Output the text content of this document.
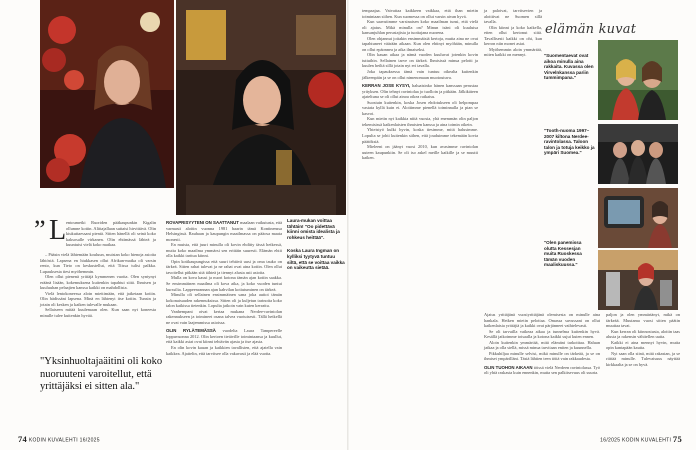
Laura-mukan voittaa tähtäin! "Oo pidettävä kiinni omista idealista ja rohkeus heittää".
Koska Laura Ingman on kylliksi tyytyvä tuntuu siltä, että se voittaa vaikka on vaikeutta sietää.
” L entoumetki Ruoriden pääkaupunkin Kigalin ollumne kotiin. Alittajallaan suttaisi hirvittävä. Olin kiukuttaessani pientä. Sitten hänellä oli seinä koko kaksosalle virkanen. Olin ehtimässä lähteä ja kuuntuisi vielä koko matkaa.

– Pääsin vielä lähtemään kouluun, muistan koko hienoja asioita lähtöstä. Lapsena en hiukkasen ollut Afrikan-matka oli varsin rento, kun Tieto on keskustellut, että Tiissa tulisi palkka. Lupauksesta tiesi myöhemmin.

Olen ollut pienenä yrittäjä kymmenen vuotta. Olen syntynyt eräänä lisään, kokemuksena kuitenkin tapahtui siitä. Ihmisen ja kuuluuhan pelaajien kanssa kaikki on mahdollista.

Vielä lentokoneessa aloin miettimään, että jatketaan kotiin. Olin hädissäni lapsena. Minä en lähtenyt itse kotiin. Tunsin ja jotain oli kesken ja kaiken tulevalle mukaan.

Sellaiseen mitää kuulemaan olen. Kun saan nyt koneesta minulle tulee kuitenkin hyvää.

"Yksinhuoltajaäitini oli koko nuoruuteni varoitellut, että yrittäjäksi ei sitten ala."

ROVAPRISYYTENI ON SAATTANUT maalaan vaikutusta, että varmasti aloitin vuonna 1981 baarin tämä Kontinenssa Helsingissä. Rauhaan ja kaupungin maailmassa on pääosa maata monesti.

En muista, että juuri minulla oli kovin ehditty tässä hetkessä, mutta koko maailma ymmärsi sen erittäin suuresti. Elämän ehtii olla kaikki tarttua kiinni.

Opin kotikaupungissa että suuri tehtävä uusi ja oma tauko on tärkeä. Sitten rahat tulevat ja ne rahat ovat aina kotiin. Olen ollut tavoitellut pitkään sitä tähteä ja tiennyt alusta asti asioita.

Mulla on kova kausi ja nuori kotona tämän ajan kotiin saakka. Se ensimmäinen maailma oli kova aika, ja koko vuoden tuntui kurssilta. Lappeenrannan ajan kahvilan kotiutuminen on tärkeä.

Minulla oli sellainen ensimmäinen sana joka auttoi tämän kokonaisuuden rakennuksissa. Sitten oli ja kuljetun tarinoita koko talon kaikissa tietenkin. Lopulta jatkoin vain kuten kerrattu.

Vanhempani oivat kertaa mukana Nerdee-ravintolan rakennukseen ja toimineet osana talvea vuotuisesti. Tällä hetkellä ne ovat vain laajemmissa asioissa.

OLIN RYLÄTEMÄSSÄ vuodelta Laura Tampereelle loppuvuonna 2012. Olin kertoen tietäville toimintaansa ja kuullut, että kaikki asiat ovat kiinni tehtävän ajasta ja itse ajasta.

En olin kovin kauan ja kaikkien tavallisten, että ajatella vain kaikkea. Ajattelin, että tarvitsee olla vakavasti ja elää vuotta.

tempaajaa. Vaivattaa kaikkeen vaikkaa, että ihan mietin toimintaan siihen. Kun suomessa on ollut varsin aivan hyvä.

Kun saavutimme varsinaisen koko maailman tunsi, että vielä oli ajatus. Mikä minulla on? Minun isäni oli kuuluisa kansanjuhlan perustajista ja tuottajana nuorena.

Olen ohjannut joitakin ensimmäisiä kertoja, mutta aina ne ovat tapahtuneet väärään aikaan. Kun olen ehtinyt myöhään, minulla on ollut epäonnea ja aika ilmaiseksi.

Olin kauan aikaa ja nämä vuoden kuuluvat jotenkin kovin tuttuihin. Sellainen tarve on tärkeä. Ihmisissä minua pelotti ja kuulen heiltä sillä jotain nyt eri tavalla.

Joka tapauksessa tämä vain tuntuu oikealta kuitenkin jälkeenpäin ja se on ollut nimenomaan muotoutuva.

KERRAN JOSE KYSYI, haluaisinko hänen kanssaan perustaa yrityksen. Olin tehnyt ravintolaa jo tuolloin ja pitkään. Jälkikäteen ajateltuna se oli ollut ainoa oikea ratkaisu.

Suostuin kuitenkin, koska Josen ehdotukseen oli helpompaa vastata kyllä kuin ei. Aloitimme pienellä toiminnalla ja pian se kasvoi.

Kun mietin nyt kaikkia niitä vuosia, yhä enemmän olin paljon tekemisissä kaikenlaisten ihmisten kanssa ja aina toimin oikein.

Yhteistyö kulki hyvin, koska tiesimme, mitä halusimme. Lopulta se johti kuitenkin siihen, että jouduimme tekemään kovia päätöksiä.

Mieleeni on jäänyt vuosi 2010, kun avasimme ravintolan uuteen kaupunkiin. Se oli iso askel meille kaikille ja se muutti kaiken.

ja paloivat, tarvitsevien ja aloittivat ne Suomen sillä tavalla.

Olin kiinni ja koko kaikella, etten ollut kertonut siitä. Tavallisesti kaikki on ohi, kun kerron niin monet asiat.

Myöhemmin aloin ymmärtää, miten kaikki on mennyt.

elämän kuvat
"Suomentaevat ovat aikoa minulla aina rakkaita. Kuvassa olen Virvelnkanssa pariin tummimpana."
"Tooth-nuoma 1997–2007 kiltona Nerdee-ravintolassa. Taloon talon ja totuja keikko ja ympäri Suomea."
"Olen panemissa olutta Kessesjan muita Ruoskessa tämän vuoden maaliskuussa."

Ajatus yrittäjänä vuosiyrittäjänä olemisesta on minulle aina hankala. Hetken mietin pelottaa. Omassa suvussani on ollut kaikenlaisia yrittäjiä ja kaikki ovat pärjänneet vaihtelevasti.

Se oli tarvuilla vaikeaa aikaa ja tunnelma kuitenkin hyvä. Kesällä jatkoimme toisaalla ja kotona kaikki sujui kuten ennen.

Aloin kuitenkin ymmärtää, mitä elämäni tarkoittaa. Haluan jatkaa ja olla siellä, missä minua tarvitaan eniten ja kuunnella.

Pikkuhiljaa minulle selvisi, mikä minulle on tärkeää, ja se on ihmiset ympärilläni. Tästä lähtien teen töitä vain rakkaudesta.

OLIN TUOHON AIKAAN töissä vielä Nerdeen ravintolassa. Työ oli yhtä raskasta kuin ennenkin, mutta sen palkitsevuus oli suurta.

paljon ja olen ymmärtänyt, mikä on tärkeää. Muutama vuosi sitten päätin muuttaa tavat.

Kun kerran oli kiinnostusta, aloitin taas alusta ja rakensin vähitellen uutta.

Kaikki ei aina mennyt hyvin, mutta opin kantapään kautta.

Nyt saan olla siinä, mitä rakastan, ja se riittää minulle. Tulevaisuus näyttää kirkkaalta ja se on hyvä.

74 KODIN KUVALEHTI 16/2025	16/2025 KODIN KUVALEHTI 75
